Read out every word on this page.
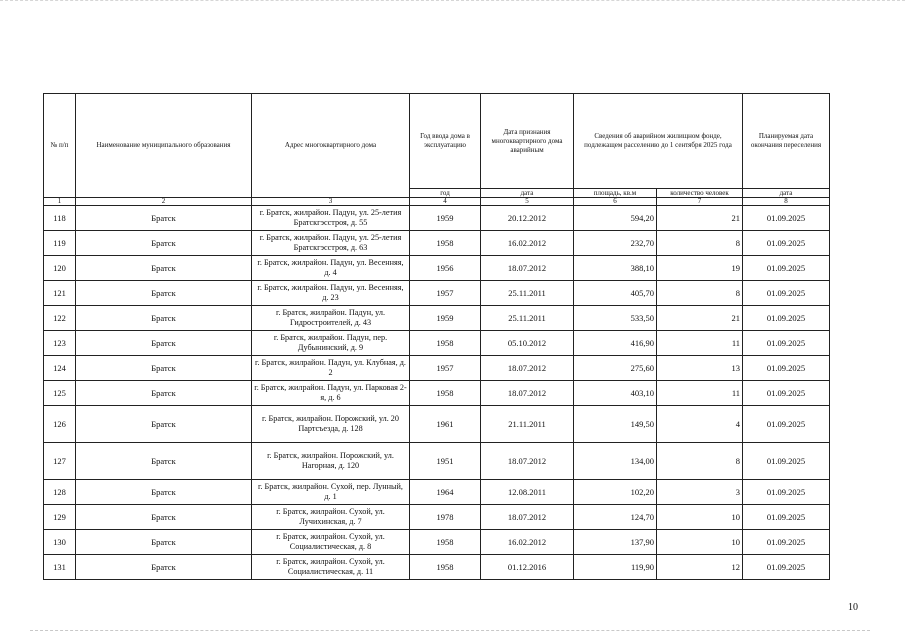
№ п/п	Наименование муниципального образования	Адрес многоквартирного дома	Год ввода дома в эксплуатацию	Дата признания многоквартирного дома аварийным	Сведения об аварийном жилищном фонде, подлежащем расселению до 1 сентября 2025 года		Планируемая дата окончания переселения
			год	дата	площадь, кв.м	количество человек	дата
1	2	3	4	5	6	7	8
118	Братск	г. Братск, жилрайон. Падун, ул. 25-летия Братскгэсстроя, д. 55	1959	20.12.2012	594,20	21	01.09.2025
119	Братск	г. Братск, жилрайон. Падун, ул. 25-летия Братскгэсстроя, д. 63	1958	16.02.2012	232,70	8	01.09.2025
120	Братск	г. Братск, жилрайон. Падун, ул. Весенняя, д. 4	1956	18.07.2012	388,10	19	01.09.2025
121	Братск	г. Братск, жилрайон. Падун, ул. Весенняя, д. 23	1957	25.11.2011	405,70	8	01.09.2025
122	Братск	г. Братск, жилрайон. Падун, ул. Гидростроителей, д. 43	1959	25.11.2011	533,50	21	01.09.2025
123	Братск	г. Братск, жилрайон. Падун, пер. Дубынинский, д. 9	1958	05.10.2012	416,90	11	01.09.2025
124	Братск	г. Братск, жилрайон. Падун, ул. Клубная, д. 2	1957	18.07.2012	275,60	13	01.09.2025
125	Братск	г. Братск, жилрайон. Падун, ул. Парковая 2-я, д. 6	1958	18.07.2012	403,10	11	01.09.2025
126	Братск	г. Братск, жилрайон. Порожский, ул. 20 Партсъезда, д. 128	1961	21.11.2011	149,50	4	01.09.2025
127	Братск	г. Братск, жилрайон. Порожский, ул. Нагорная, д. 120	1951	18.07.2012	134,00	8	01.09.2025
128	Братск	г. Братск, жилрайон. Сухой, пер. Лунный, д. 1	1964	12.08.2011	102,20	3	01.09.2025
129	Братск	г. Братск, жилрайон. Сухой, ул. Лучихинская, д. 7	1978	18.07.2012	124,70	10	01.09.2025
130	Братск	г. Братск, жилрайон. Сухой, ул. Социалистическая, д. 8	1958	16.02.2012	137,90	10	01.09.2025
131	Братск	г. Братск, жилрайон. Сухой, ул. Социалистическая, д. 11	1958	01.12.2016	119,90	12	01.09.2025
10
